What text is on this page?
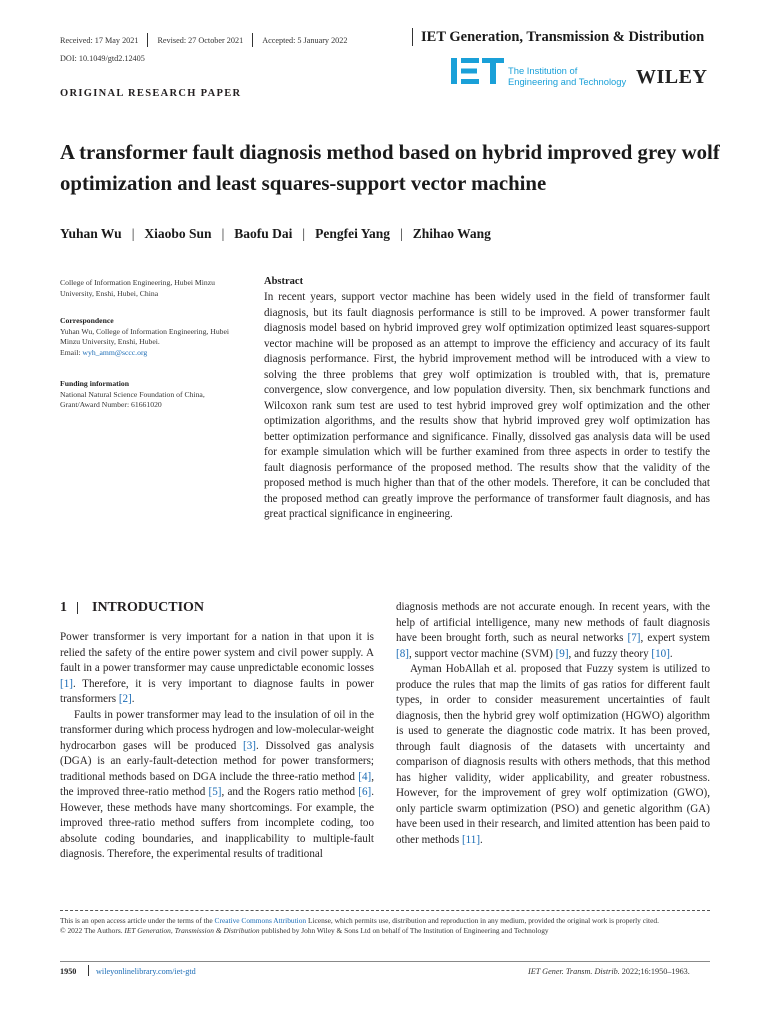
Received: 17 May 2021 Revised: 27 October 2021 Accepted: 5 January 2022	IET Generation, Transmission & Distribution
DOI: 10.1049/gtd2.12405
The Institution of
Engineering and Technology WILEY
ORIGINAL RESEARCH PAPER
A transformer fault diagnosis method based on hybrid improved grey wolf optimization and least squares-support vector machine
Yuhan Wu | Xiaobo Sun | Baofu Dai | Pengfei Yang | Zhihao Wang
College of Information Engineering, Hubei Minzu University, Enshi, Hubei, China
Correspondence
Yuhan Wu, College of Information Engineering, Hubei Minzu University, Enshi, Hubei.
Email: wyh_amm@sccc.org
Funding information
National Natural Science Foundation of China, Grant/Award Number: 61661020
Abstract
In recent years, support vector machine has been widely used in the field of transformer fault diagnosis, but its fault diagnosis performance is still to be improved. A power transformer fault diagnosis model based on hybrid improved grey wolf optimization optimized least squares-support vector machine will be proposed as an attempt to improve the efficiency and accuracy of its fault diagnosis performance. First, the hybrid improvement method will be introduced with a view to solving the three problems that grey wolf optimization is troubled with, that is, premature convergence, slow convergence, and low population diversity. Then, six benchmark functions and Wilcoxon rank sum test are used to test hybrid improved grey wolf optimization and the other optimization algorithms, and the results show that hybrid improved grey wolf optimization has better optimization performance and significance. Finally, dissolved gas analysis data will be used for example simulation which will be further examined from three aspects in order to testify the fault diagnosis performance of the proposed method. The results show that the validity of the proposed method is much higher than that of the other models. Therefore, it can be concluded that the proposed method can greatly improve the performance of transformer fault diagnosis, and has great practical significance in engineering.
1 INTRODUCTION

Power transformer is very important for a nation in that upon it is relied the safety of the entire power system and civil power supply. A fault in a power transformer may cause unpredictable economic losses [1]. Therefore, it is very important to diagnose faults in power transformers [2].

Faults in power transformer may lead to the insulation of oil in the transformer during which process hydrogen and low-molecular-weight hydrocarbon gases will be produced [3]. Dissolved gas analysis (DGA) is an early-fault-detection method for power transformers; traditional methods based on DGA include the three-ratio method [4], the improved three-ratio method [5], and the Rogers ratio method [6]. However, these methods have many shortcomings. For example, the improved three-ratio method suffers from incomplete coding, too absolute coding boundaries, and inapplicability to multiple-fault diagnosis. Therefore, the experimental results of traditional

diagnosis methods are not accurate enough. In recent years, with the help of artificial intelligence, many new methods of fault diagnosis have been brought forth, such as neural networks [7], expert system [8], support vector machine (SVM) [9], and fuzzy theory [10].

Ayman HobAllah et al. proposed that Fuzzy system is utilized to produce the rules that map the limits of gas ratios for different fault types, in order to consider measurement uncertainties of fault diagnosis, then the hybrid grey wolf optimization (HGWO) algorithm is used to generate the diagnostic code matrix. It has been proved, through fault diagnosis of the datasets with uncertainty and comparison of diagnosis results with others methods, that this method has higher validity, wider applicability, and greater robustness. However, for the improvement of grey wolf optimization (GWO), only particle swarm optimization (PSO) and genetic algorithm (GA) have been used in their research, and limited attention has been paid to other methods [11].

This is an open access article under the terms of the Creative Commons Attribution License, which permits use, distribution and reproduction in any medium, provided the original work is properly cited.
© 2022 The Authors. IET Generation, Transmission & Distribution published by John Wiley & Sons Ltd on behalf of The Institution of Engineering and Technology
1950 wileyonlinelibrary.com/iet-gtd	IET Gener. Transm. Distrib. 2022;16:1950–1963.
